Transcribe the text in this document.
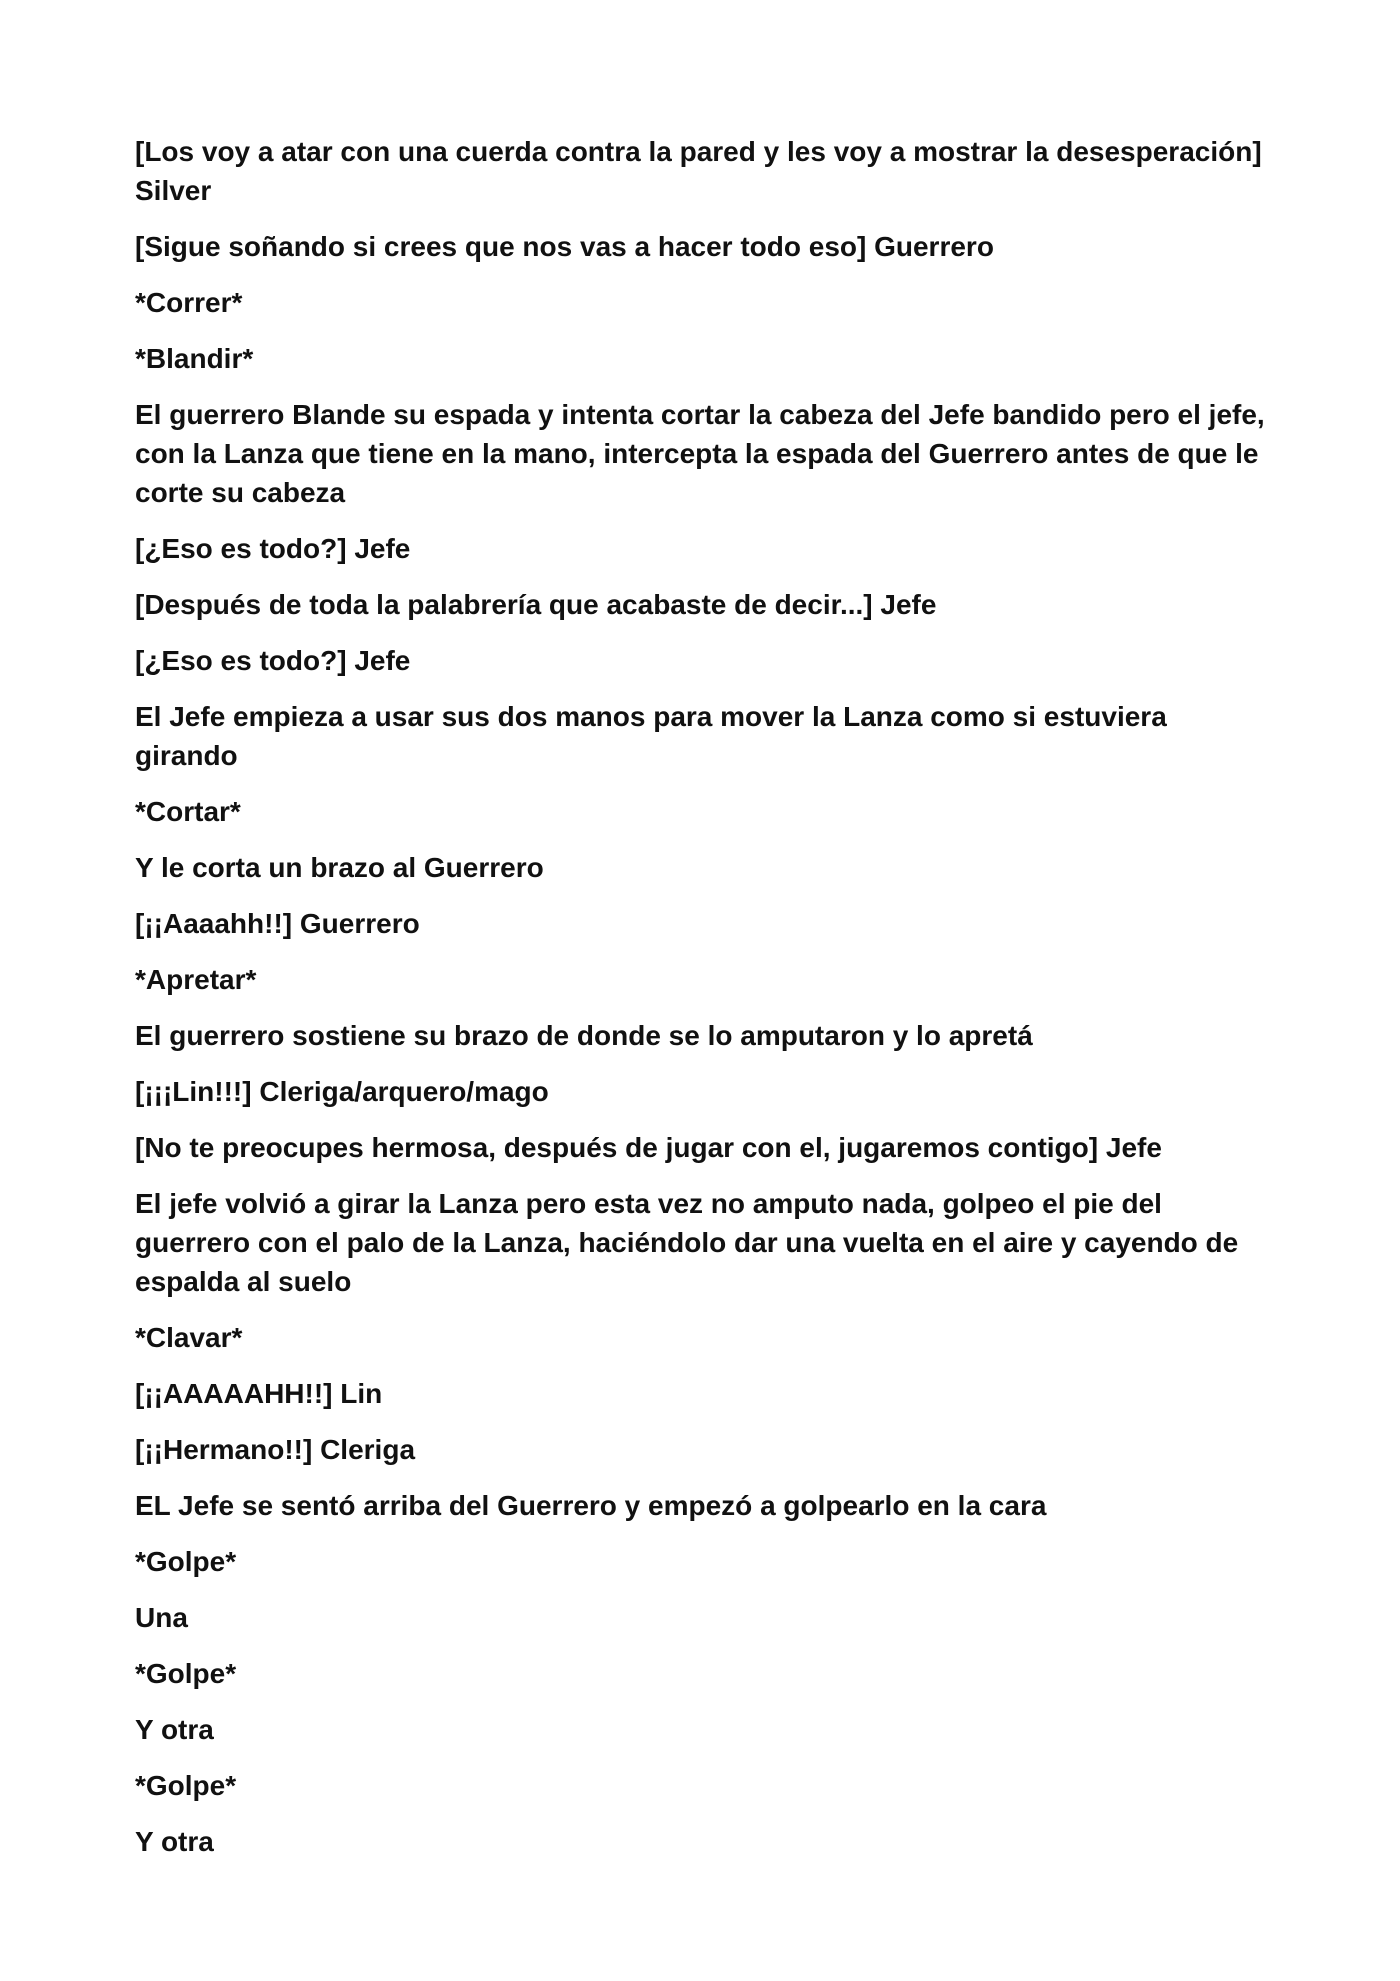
[Los voy a atar con una cuerda contra la pared y les voy a mostrar la desesperación] Silver

[Sigue soñando si crees que nos vas a hacer todo eso] Guerrero

*Correr*

*Blandir*

El guerrero Blande su espada y intenta cortar la cabeza del Jefe bandido pero el jefe, con la Lanza que tiene en la mano, intercepta la espada del Guerrero antes de que le corte su cabeza

[¿Eso es todo?] Jefe

[Después de toda la palabrería que acabaste de decir...] Jefe

[¿Eso es todo?] Jefe

El Jefe empieza a usar sus dos manos para mover la Lanza como si estuviera girando

*Cortar*

Y le corta un brazo al Guerrero

[¡¡Aaaahh!!] Guerrero

*Apretar*

El guerrero sostiene su brazo de donde se lo amputaron y lo apretá

[¡¡¡Lin!!!] Cleriga/arquero/mago

[No te preocupes hermosa, después de jugar con el, jugaremos contigo] Jefe

El jefe volvió a girar la Lanza pero esta vez no amputo nada, golpeo el pie del guerrero con el palo de la Lanza, haciéndolo dar una vuelta en el aire y cayendo de espalda al suelo

*Clavar*

[¡¡AAAAAHH!!] Lin

[¡¡Hermano!!] Cleriga

EL Jefe se sentó arriba del Guerrero y empezó a golpearlo en la cara

*Golpe*

Una

*Golpe*

Y otra

*Golpe*

Y otra
